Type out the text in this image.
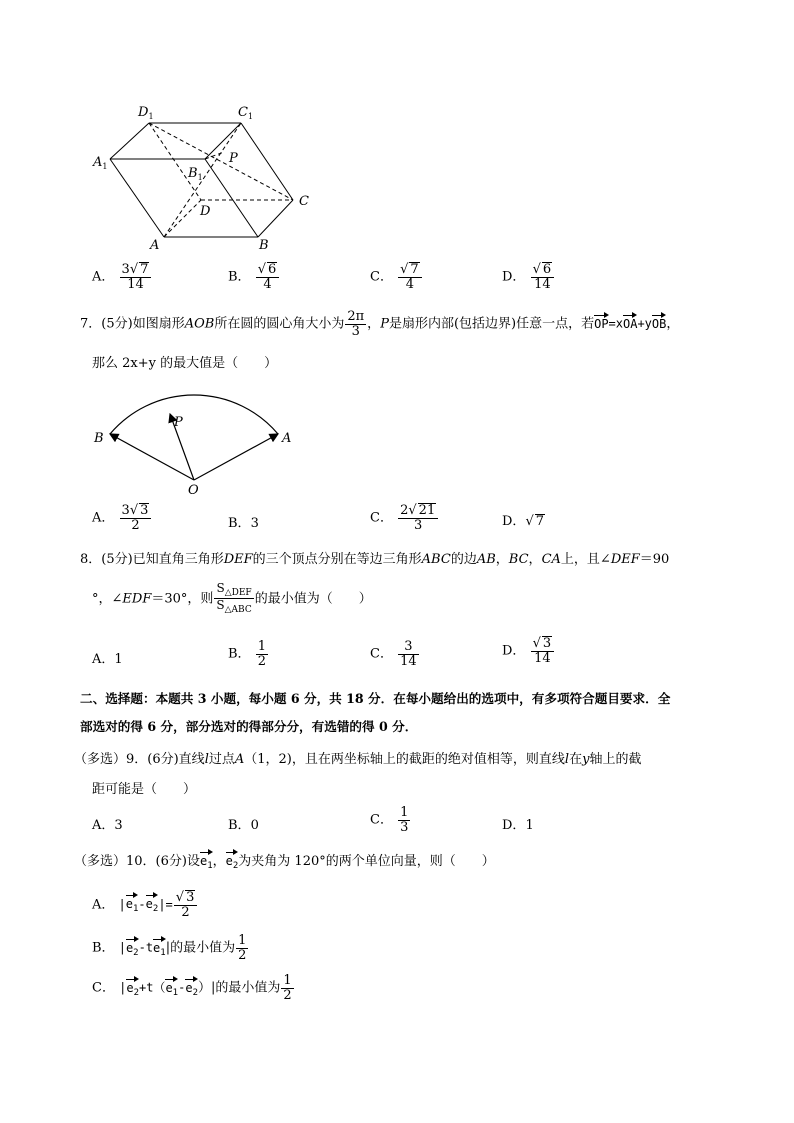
$D_1$	$C_1$
$A_1$	$B_1$
P
D
C
A	B
A． $\frac{3√ 7}{14}$	B． $\frac{√ 6}{4}$	C． $\frac{√ 7}{4}$	D． $\frac{√ 6}{14}$
7．(5分)如图扇形AOB所在圆的圆心角大小为 $\frac{2\pi}{3}$ ，P是扇形内部(包括边界)任意一点，若OP=xOA+yOB，
那么 2x+y 的最大值是（　　）
B	A
P
O
A． $\frac{3√ 3}{2}$	B．3	C． $\frac{2√ 21}{3}$	D．√ 7
8．(5分)已知直角三角形DEF的三个顶点分别在等边三角形ABC的边AB，BC，CA上，且∠DEF＝90
°，∠EDF＝30°，则 $\frac{S_{\triangle DEF}}{S_{\triangle ABC}}$ 的最小值为（　　）
A．1	B． $\frac{1}{2}$	C． $\frac{3}{14}$	D． $\frac{√ 3}{14}$
二、选择题：本题共 3 小题，每小题 6 分，共 18 分．在每小题给出的选项中，有多项符合题目要求．全
部选对的得 6 分，部分选对的得部分分，有选错的得 0 分．
（多选）9．(6分)直线l过点A（1，2)，且在两坐标轴上的截距的绝对值相等，则直线l在y轴上的截
距可能是（　　）
A．3	B．0	C． $\frac{1}{3}$	D．1
（多选）10．(6分)设$e_1$，$e_2$为夹角为 120°的两个单位向量，则（　　）
A． $|e_1-e_2|= \frac{√ 3}{2}$
B． $|e_2-te_1|$的最小值为 $\frac{1}{2}$
C． $|e_2+t(e_1-e_2)|$的最小值为 $\frac{1}{2}$
